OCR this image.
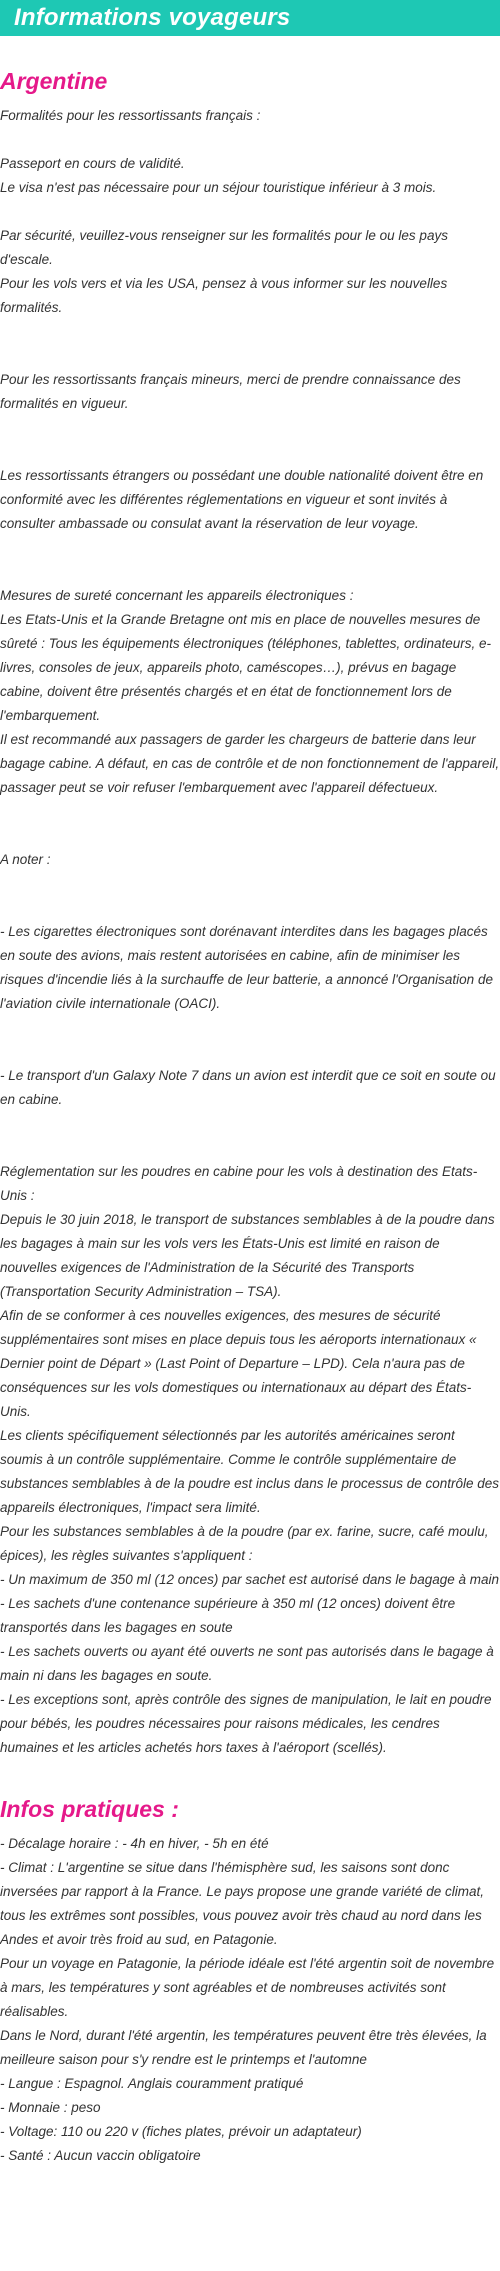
Informations voyageurs
Argentine

Formalités pour les ressortissants français :

Passeport en cours de validité.

Le visa n'est pas nécessaire pour un séjour touristique inférieur à 3 mois.

Par sécurité, veuillez-vous renseigner sur les formalités pour le ou les pays d'escale.

Pour les vols vers et via les USA, pensez à vous informer sur les nouvelles formalités.

Pour les ressortissants français mineurs, merci de prendre connaissance des formalités en vigueur.

Les ressortissants étrangers ou possédant une double nationalité doivent être en conformité avec les différentes réglementations en vigueur et sont invités à consulter ambassade ou consulat avant la réservation de leur voyage.

Mesures de sureté concernant les appareils électroniques :

Les Etats-Unis et la Grande Bretagne ont mis en place de nouvelles mesures de sûreté : Tous les équipements électroniques (téléphones, tablettes, ordinateurs, e-livres, consoles de jeux, appareils photo, caméscopes…), prévus en bagage cabine, doivent être présentés chargés et en état de fonctionnement lors de l'embarquement.

Il est recommandé aux passagers de garder les chargeurs de batterie dans leur bagage cabine. A défaut, en cas de contrôle et de non fonctionnement de l'appareil, passager peut se voir refuser l'embarquement avec l'appareil défectueux.

A noter :

- Les cigarettes électroniques sont dorénavant interdites dans les bagages placés en soute des avions, mais restent autorisées en cabine, afin de minimiser les risques d'incendie liés à la surchauffe de leur batterie, a annoncé l'Organisation de l'aviation civile internationale (OACI).

- Le transport d'un Galaxy Note 7 dans un avion est interdit que ce soit en soute ou en cabine.

Réglementation sur les poudres en cabine pour les vols à destination des Etats-Unis :

Depuis le 30 juin 2018, le transport de substances semblables à de la poudre dans les bagages à main sur les vols vers les États-Unis est limité en raison de nouvelles exigences de l'Administration de la Sécurité des Transports (Transportation Security Administration – TSA).

Afin de se conformer à ces nouvelles exigences, des mesures de sécurité supplémentaires sont mises en place depuis tous les aéroports internationaux « Dernier point de Départ » (Last Point of Departure – LPD). Cela n'aura pas de conséquences sur les vols domestiques ou internationaux au départ des États-Unis.

Les clients spécifiquement sélectionnés par les autorités américaines seront soumis à un contrôle supplémentaire. Comme le contrôle supplémentaire de substances semblables à de la poudre est inclus dans le processus de contrôle des appareils électroniques, l'impact sera limité.

Pour les substances semblables à de la poudre (par ex. farine, sucre, café moulu, épices), les règles suivantes s'appliquent :

- Un maximum de 350 ml (12 onces) par sachet est autorisé dans le bagage à main

- Les sachets d'une contenance supérieure à 350 ml (12 onces) doivent être transportés dans les bagages en soute

- Les sachets ouverts ou ayant été ouverts ne sont pas autorisés dans le bagage à main ni dans les bagages en soute.

- Les exceptions sont, après contrôle des signes de manipulation, le lait en poudre pour bébés, les poudres nécessaires pour raisons médicales, les cendres humaines et les articles achetés hors taxes à l'aéroport (scellés).

Infos pratiques :

- Décalage horaire : - 4h en hiver, - 5h en été

- Climat : L'argentine se situe dans l'hémisphère sud, les saisons sont donc inversées par rapport à la France. Le pays propose une grande variété de climat, tous les extrêmes sont possibles, vous pouvez avoir très chaud au nord dans les Andes et avoir très froid au sud, en Patagonie.

Pour un voyage en Patagonie, la période idéale est l'été argentin soit de novembre à mars, les températures y sont agréables et de nombreuses activités sont réalisables.

Dans le Nord, durant l'été argentin, les températures peuvent être très élevées, la meilleure saison pour s'y rendre est le printemps et l'automne

- Langue : Espagnol. Anglais couramment pratiqué

- Monnaie : peso

- Voltage: 110 ou 220 v (fiches plates, prévoir un adaptateur)

- Santé : Aucun vaccin obligatoire
